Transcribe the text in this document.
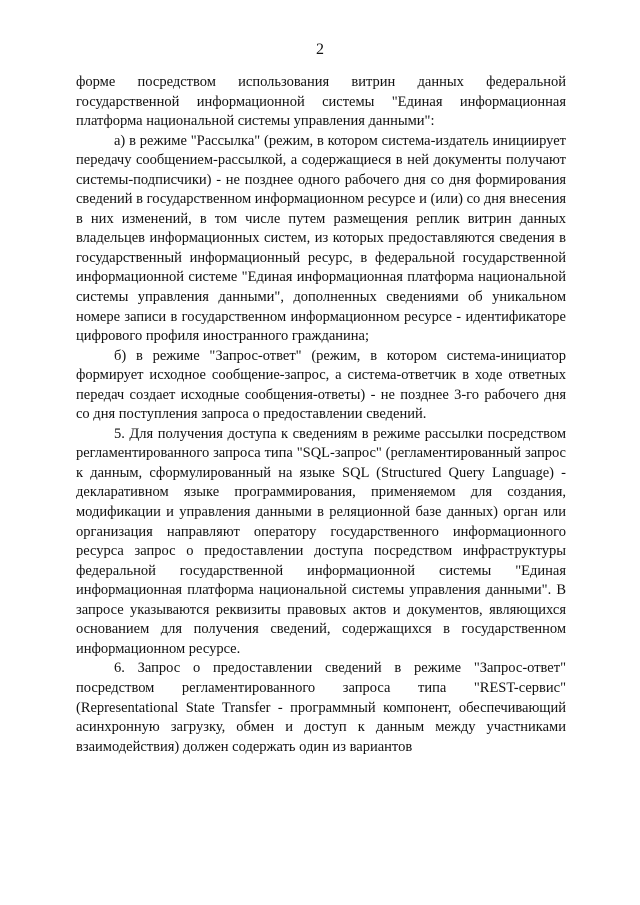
2

форме посредством использования витрин данных федеральной государственной информационной системы "Единая информационная платформа национальной системы управления данными":

а) в режиме "Рассылка" (режим, в котором система-издатель инициирует передачу сообщением-рассылкой, а содержащиеся в ней документы получают системы-подписчики) - не позднее одного рабочего дня со дня формирования сведений в государственном информационном ресурсе и (или) со дня внесения в них изменений, в том числе путем размещения реплик витрин данных владельцев информационных систем, из которых предоставляются сведения в государственный информационный ресурс, в федеральной государственной информационной системе "Единая информационная платформа национальной системы управления данными", дополненных сведениями об уникальном номере записи в государственном информационном ресурсе - идентификаторе цифрового профиля иностранного гражданина;

б) в режиме "Запрос-ответ" (режим, в котором система-инициатор формирует исходное сообщение-запрос, а система-ответчик в ходе ответных передач создает исходные сообщения-ответы) - не позднее 3-го рабочего дня со дня поступления запроса о предоставлении сведений.

5. Для получения доступа к сведениям в режиме рассылки посредством регламентированного запроса типа "SQL-запрос" (регламентированный запрос к данным, сформулированный на языке SQL (Structured Query Language) - декларативном языке программирования, применяемом для создания, модификации и управления данными в реляционной базе данных) орган или организация направляют оператору государственного информационного ресурса запрос о предоставлении доступа посредством инфраструктуры федеральной государственной информационной системы "Единая информационная платформа национальной системы управления данными". В запросе указываются реквизиты правовых актов и документов, являющихся основанием для получения сведений, содержащихся в государственном информационном ресурсе.

6. Запрос о предоставлении сведений в режиме "Запрос-ответ" посредством регламентированного запроса типа "REST-сервис" (Representational State Transfer - программный компонент, обеспечивающий асинхронную загрузку, обмен и доступ к данным между участниками взаимодействия) должен содержать один из вариантов
